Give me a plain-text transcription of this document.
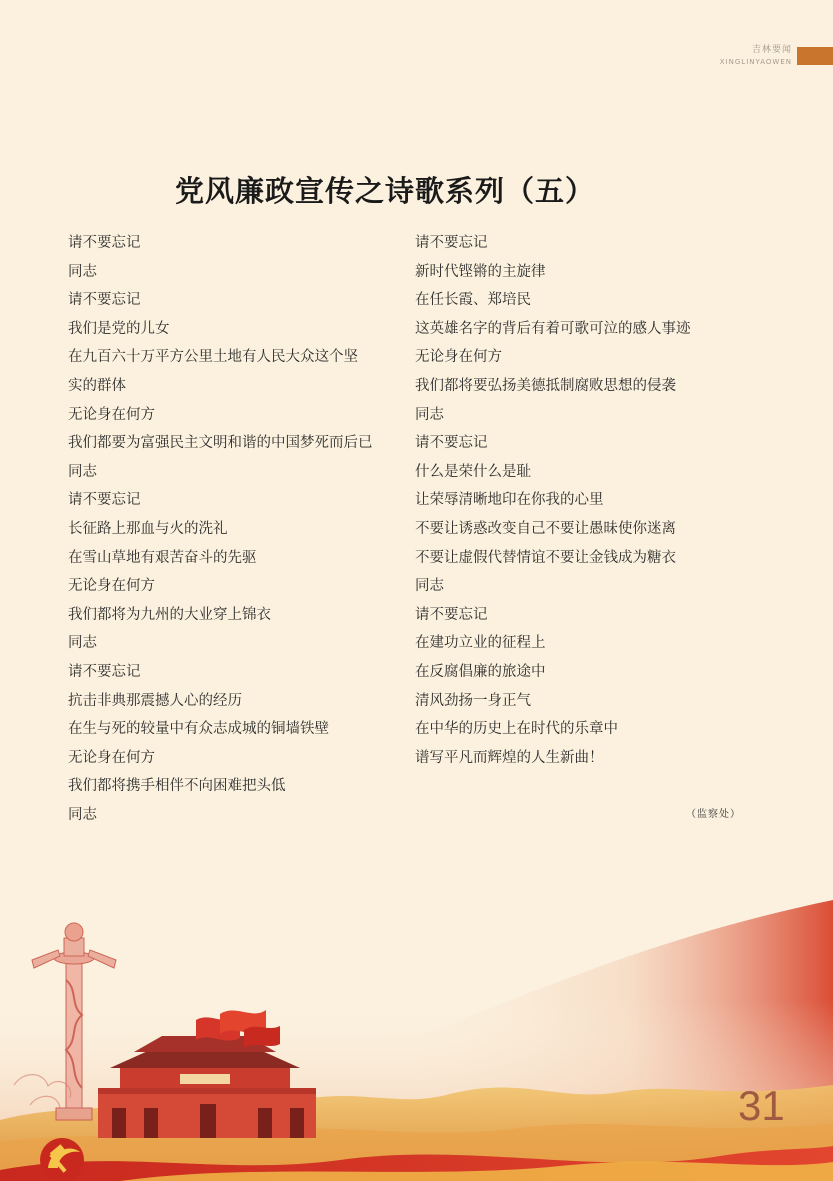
吉林要闻
XINGLINYAOWEN
党风廉政宣传之诗歌系列（五）
请不要忘记
同志
请不要忘记
我们是党的儿女
在九百六十万平方公里土地有人民大众这个坚
实的群体
无论身在何方
我们都要为富强民主文明和谐的中国梦死而后已
同志
请不要忘记
长征路上那血与火的洗礼
在雪山草地有艰苦奋斗的先驱
无论身在何方
我们都将为九州的大业穿上锦衣
同志
请不要忘记
抗击非典那震撼人心的经历
在生与死的较量中有众志成城的铜墙铁壁
无论身在何方
我们都将携手相伴不向困难把头低
同志
请不要忘记
新时代铿锵的主旋律
在任长霞、郑培民
这英雄名字的背后有着可歌可泣的感人事迹
无论身在何方
我们都将要弘扬美德抵制腐败思想的侵袭
同志
请不要忘记
什么是荣什么是耻
让荣辱清晰地印在你我的心里
不要让诱惑改变自己不要让愚昧使你迷离
不要让虚假代替情谊不要让金钱成为糖衣
同志
请不要忘记
在建功立业的征程上
在反腐倡廉的旅途中
清风劲扬一身正气
在中华的历史上在时代的乐章中
谱写平凡而辉煌的人生新曲！
（监察处）
31
